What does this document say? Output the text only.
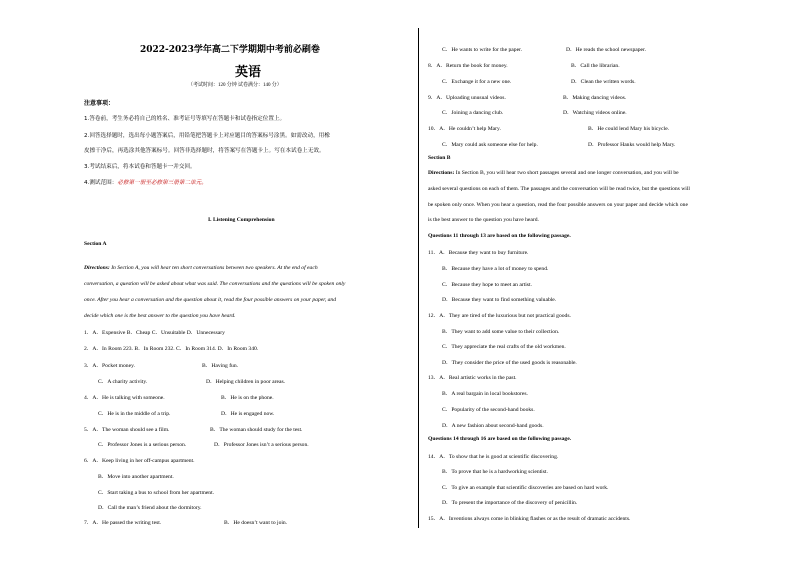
2022-2023学年高二下学期期中考前必刷卷
英语
（考试时间：120 分钟 试卷满分：140 分）
注意事项：
1.答卷前，考生务必将自己的姓名、准考证号等填写在答题卡和试卷指定位置上。
2.回答选择题时，选出每小题答案后，用铅笔把答题卡上对应题目的答案标号涂黑。如需改动，用橡
皮擦干净后，再选涂其他答案标号。回答非选择题时，将答案写在答题卡上。写在本试卷上无效。
3.考试结束后，将本试卷和答题卡一并交回。
4.测试范围：必修第一册至必修第三册第二单元。
I. Listening Comprehension
Section A
Directions: In Section A, you will hear ten short conversations between two speakers. At the end of each
conversation, a question will be asked about what was said. The conversations and the questions will be spoken only
once. After you hear a conversation and the question about it, read the four possible answers on your paper, and
decide which one is the best answer to the question you have heard.
1．A．Expensive B．Cheap C．Unsuitable D．Unnecessary
2．A．In Room 223. B．In Room 232. C．In Room 314. D．In Room 340.
3．A．Pocket money.	B．Having fun.
C．A charity activity.	D．Helping children in poor areas.
4．A．He is talking with someone.	B．He is on the phone.
C．He is in the middle of a trip.	D．He is engaged now.
5．A．The woman should see a film.	B．The woman should study for the test.
C．Professor Jones is a serious person.	D．Professor Jones isn’t a serious person.
6．A．Keep living in her off-campus apartment.
B．Move into another apartment.
C．Start taking a bus to school from her apartment.
D．Call the man’s friend about the dormitory.
7．A．He passed the writing test.	B．He doesn’t want to join.
C．He wants to write for the paper.	D．He reads the school newspaper.
8．A．Return the book for money.	B．Call the librarian.
C．Exchange it for a new one.	D．Clean the written words.
9．A．Uploading unusual videos.	B．Making dancing videos.
C．Joining a dancing club.	D．Watching videos online.
10．A．He couldn’t help Mary.	B．He could lend Mary his bicycle.
C．Mary could ask someone else for help.	D．Professor Hanks would help Mary.
Section B
Directions: In Section B, you will hear two short passages several and one longer conversation, and you will be
asked several questions on each of them. The passages and the conversation will be read twice, but the questions will
be spoken only once. When you hear a question, read the four possible answers on your paper and decide which one
is the best answer to the question you have heard.
Questions 11 through 13 are based on the following passage.
11．A．Because they want to buy furniture.
B．Because they have a lot of money to spend.
C．Because they hope to meet an artist.
D．Because they want to find something valuable.
12．A．They are tired of the luxurious but not practical goods.
B．They want to add some value to their collection.
C．They appreciate the real crafts of the old workmen.
D．They consider the price of the used goods is reasonable.
13．A．Real artistic works in the past.
B．A real bargain in local bookstores.
C．Popularity of the second-hand books.
D．A new fashion about second-hand goods.
Questions 14 through 16 are based on the following passage.
14．A．To show that he is good at scientific discovering.
B．To prove that he is a hardworking scientist.
C．To give an example that scientific discoveries are based on hard work.
D．To present the importance of the discovery of penicillin.
15．A．Inventions always come in blinking flashes or as the result of dramatic accidents.
